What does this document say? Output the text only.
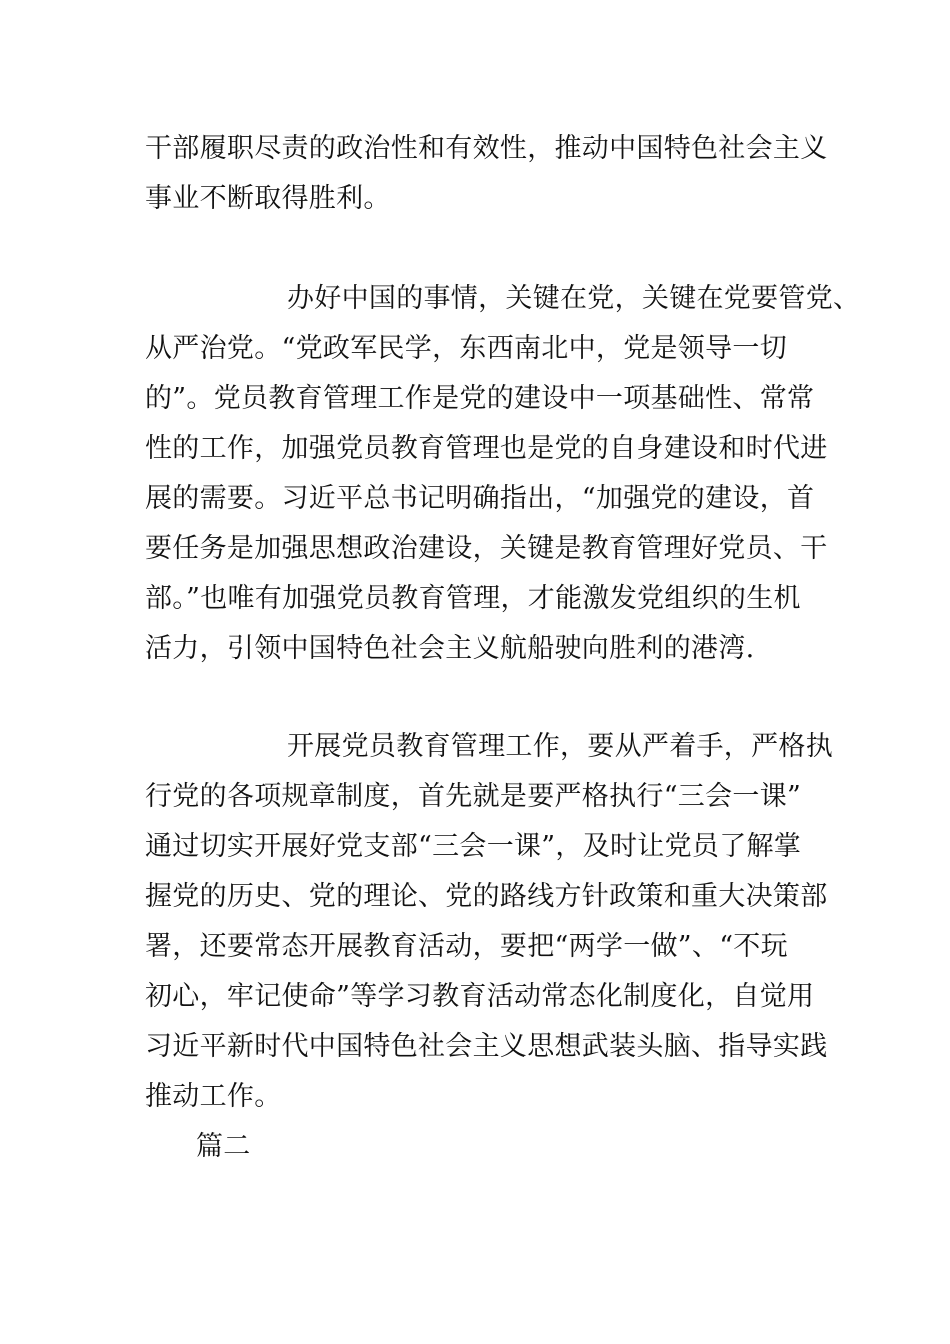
干部履职尽责的政治性和有效性，推动中国特色社会主义
事业不断取得胜利。
办好中国的事情，关键在党，关键在党要管党、
从严治党。“党政军民学，东西南北中，党是领导一切
的”。党员教育管理工作是党的建设中一项基础性、常常
性的工作，加强党员教育管理也是党的自身建设和时代进
展的需要。习近平总书记明确指出，“加强党的建设，首
要任务是加强思想政治建设，关键是教育管理好党员、干
部。”也唯有加强党员教育管理，才能激发党组织的生机
活力，引领中国特色社会主义航船驶向胜利的港湾.
开展党员教育管理工作，要从严着手，严格执
行党的各项规章制度，首先就是要严格执行“三会一课”
通过切实开展好党支部“三会一课”，及时让党员了解掌
握党的历史、党的理论、党的路线方针政策和重大决策部
署，还要常态开展教育活动，要把“两学一做”、“不玩
初心，牢记使命”等学习教育活动常态化制度化，自觉用
习近平新时代中国特色社会主义思想武装头脑、指导实践
推动工作。
篇二
